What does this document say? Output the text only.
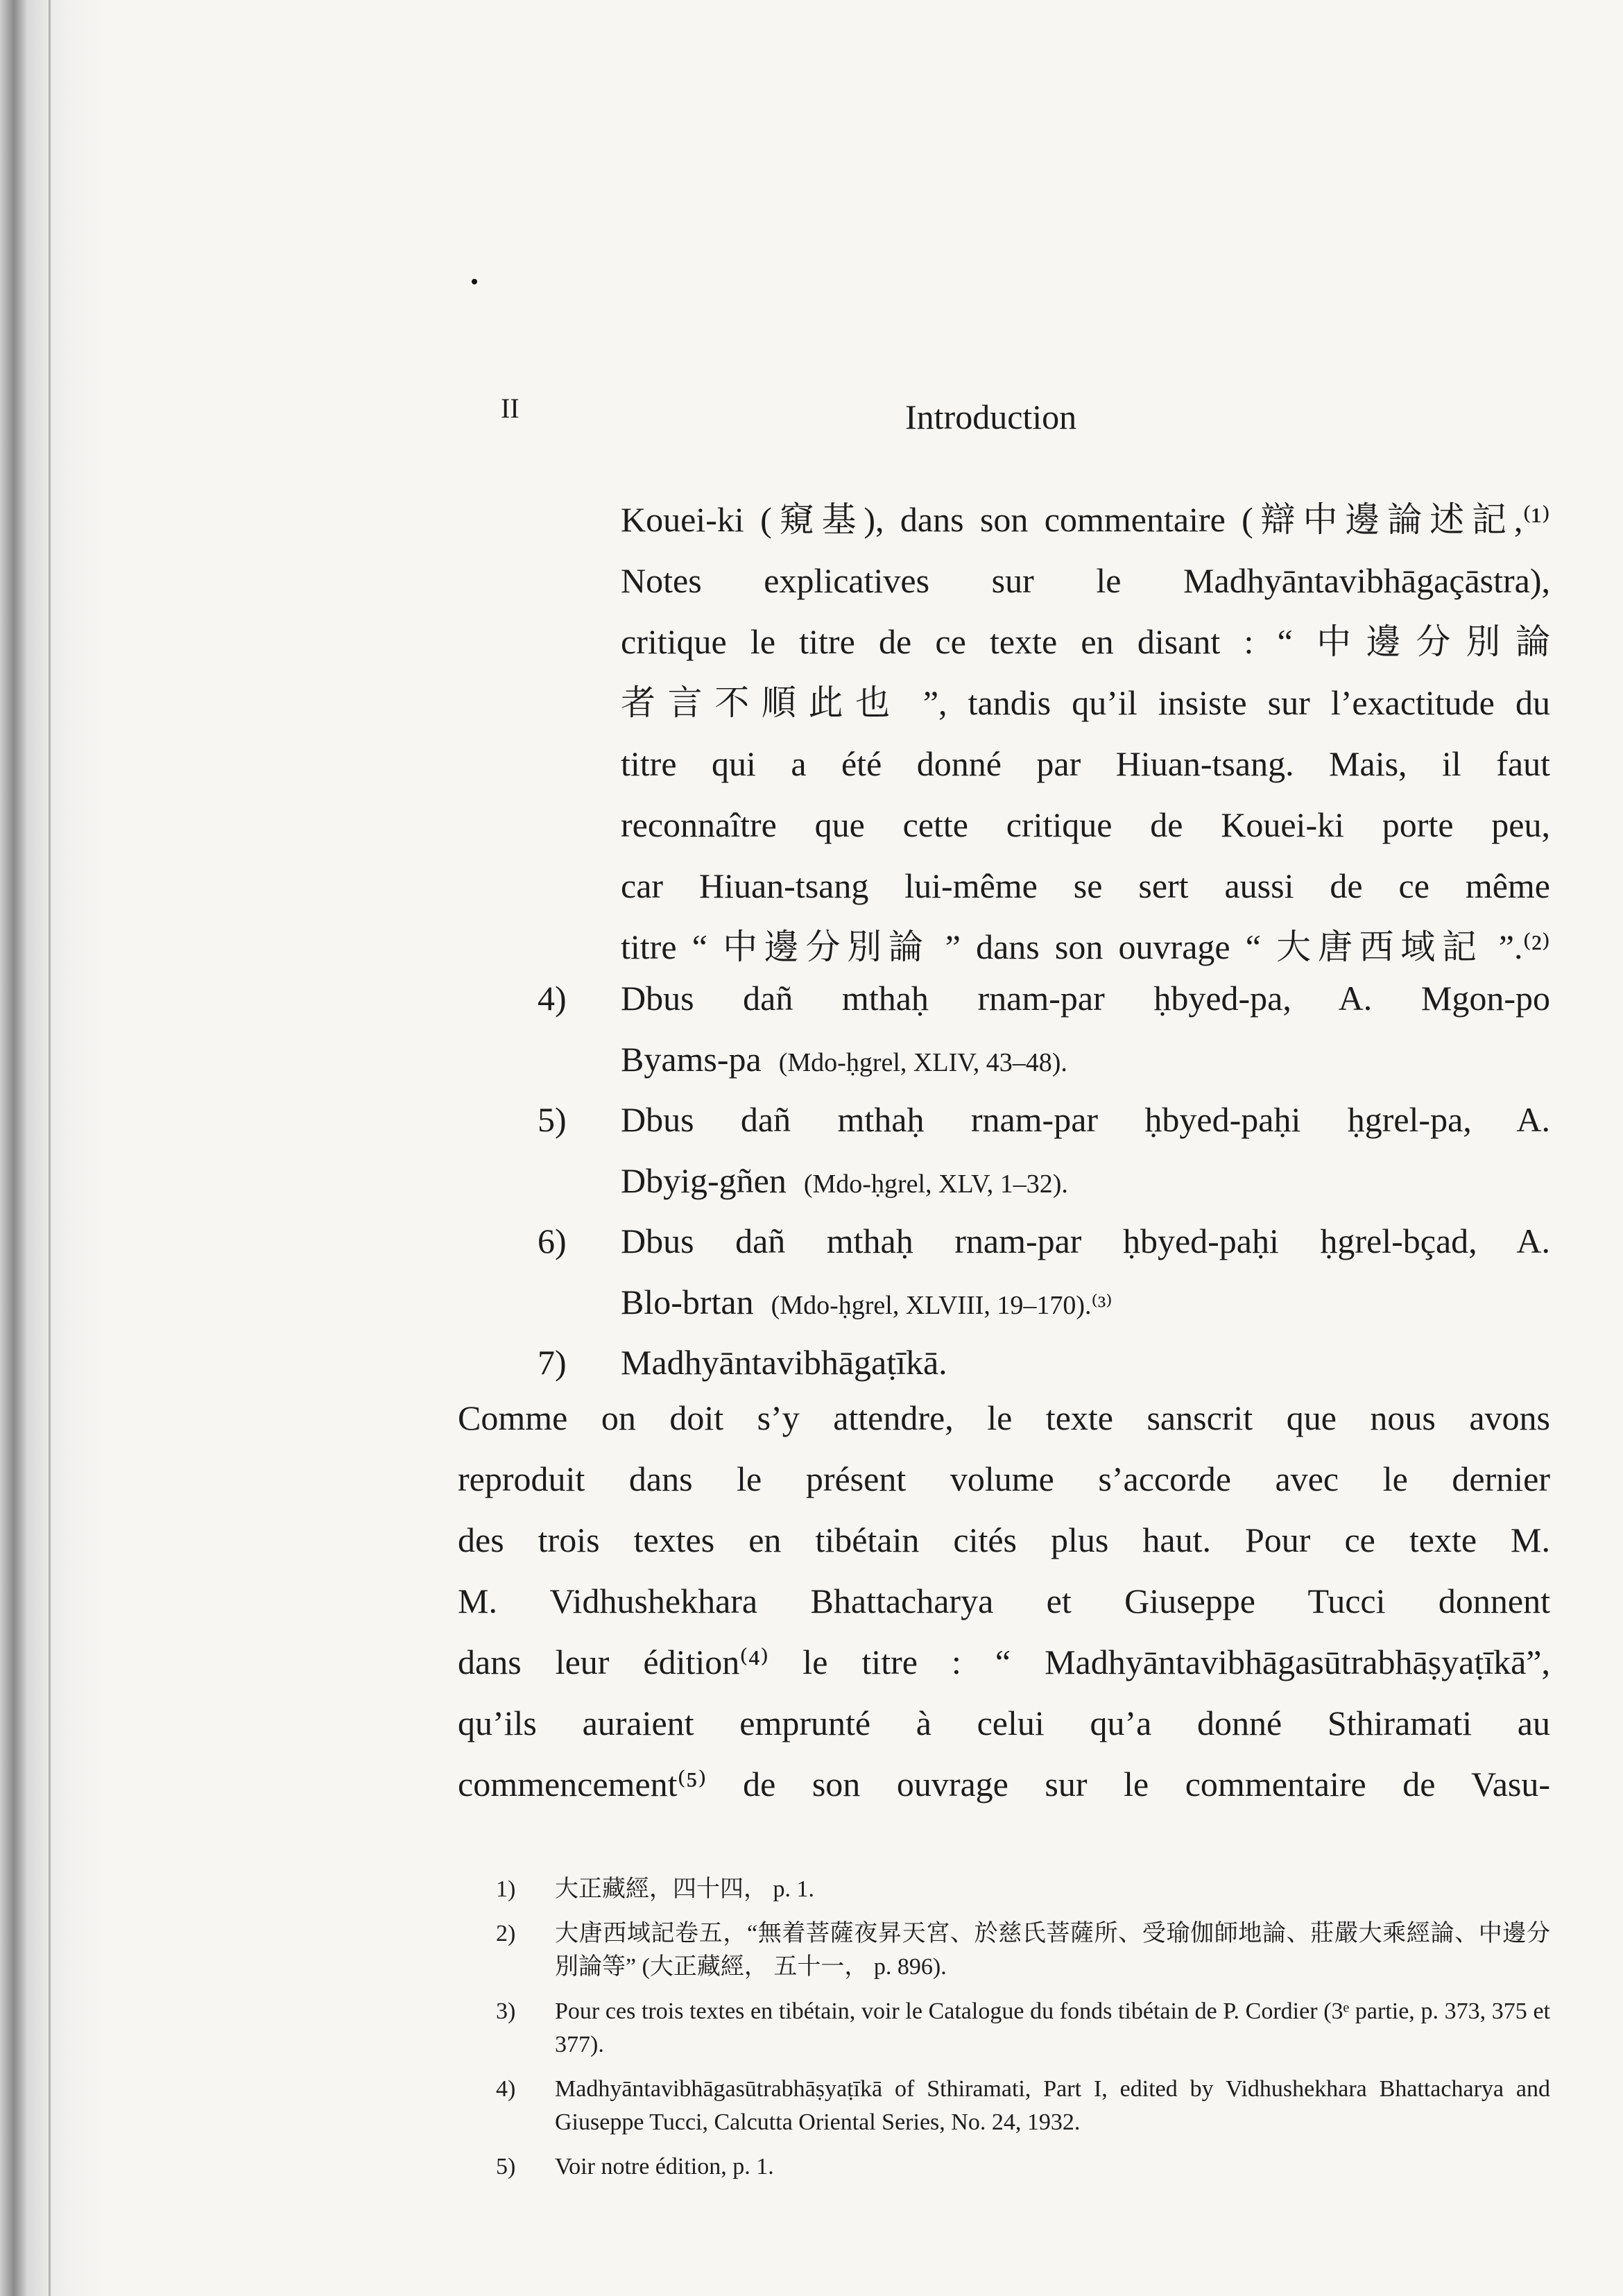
II	Introduction
Kouei-ki (窺基), dans son commentaire (辯中邊論述記,⁽¹⁾
Notes explicatives sur le Madhyāntavibhāgaçāstra),
critique le titre de ce texte en disant : “ 中邊分別論
者言不順此也 ”, tandis qu’il insiste sur l’exactitude du
titre qui a été donné par Hiuan-tsang. Mais, il faut
reconnaître que cette critique de Kouei-ki porte peu,
car Hiuan-tsang lui-même se sert aussi de ce même
titre “ 中邊分別論 ” dans son ouvrage “ 大唐西域記 ”.⁽²⁾
4) Dbus dañ mthaḥ rnam-par ḥbyed-pa, A. Mgon-po
Byams-pa (Mdo-ḥgrel, XLIV, 43–48).
5) Dbus dañ mthaḥ rnam-par ḥbyed-paḥi ḥgrel-pa, A.
Dbyig-gñen (Mdo-ḥgrel, XLV, 1–32).
6) Dbus dañ mthaḥ rnam-par ḥbyed-paḥi ḥgrel-bçad, A.
Blo-brtan (Mdo-ḥgrel, XLVIII, 19–170).⁽³⁾
7) Madhyāntavibhāgaṭīkā.
Comme on doit s’y attendre, le texte sanscrit que nous avons
reproduit dans le présent volume s’accorde avec le dernier
des trois textes en tibétain cités plus haut. Pour ce texte M.
M. Vidhushekhara Bhattacharya et Giuseppe Tucci donnent
dans leur édition⁽⁴⁾ le titre : “ Madhyāntavibhāgasūtrabhāṣyaṭīkā”,
qu’ils auraient emprunté à celui qu’a donné Sthiramati au
commencement⁽⁵⁾ de son ouvrage sur le commentaire de Vasu-
1) 大正藏經，四十四， p. 1.
2) 大唐西域記卷五，“無着菩薩夜昇天宮、於慈氏菩薩所、受瑜伽師地論、莊嚴大乘經論、中邊分別論等” (大正藏經， 五十一， p. 896).
3) Pour ces trois textes en tibétain, voir le Catalogue du fonds tibétain de P. Cordier (3ᵉ partie, p. 373, 375 et 377).
4) Madhyāntavibhāgasūtrabhāṣyaṭīkā of Sthiramati, Part I, edited by Vidhushekhara Bhattacharya and Giuseppe Tucci, Calcutta Oriental Series, No. 24, 1932.
5) Voir notre édition, p. 1.
